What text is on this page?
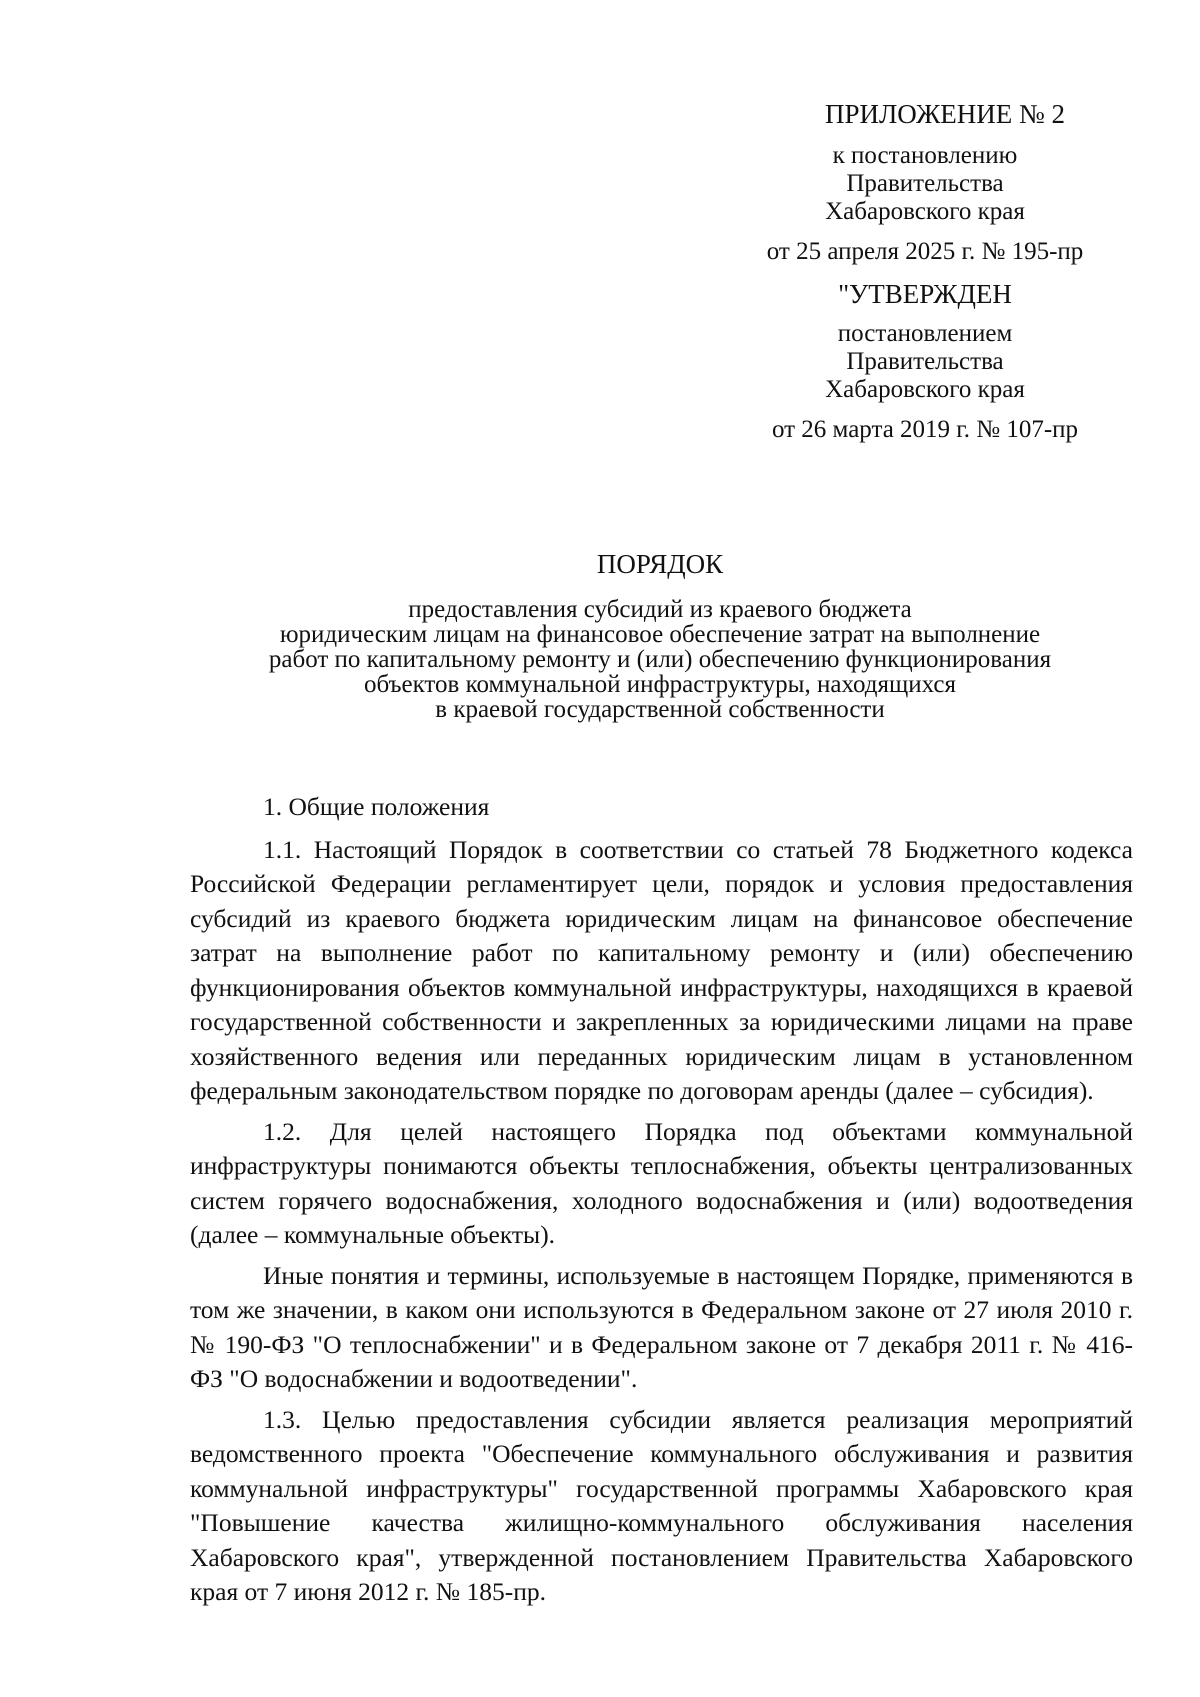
ПРИЛОЖЕНИЕ № 2
к постановлению
Правительства
Хабаровского края
от 25 апреля 2025 г. № 195-пр
"УТВЕРЖДЕН
постановлением
Правительства
Хабаровского края
от 26 марта 2019 г. № 107-пр
ПОРЯДОК
предоставления субсидий из краевого бюджета
юридическим лицам на финансовое обеспечение затрат на выполнение
работ по капитальному ремонту и (или) обеспечению функционирования
объектов коммунальной инфраструктуры, находящихся
в краевой государственной собственности
1. Общие положения

1.1. Настоящий Порядок в соответствии со статьей 78 Бюджетного кодекса Российской Федерации регламентирует цели, порядок и условия предоставления субсидий из краевого бюджета юридическим лицам на финансовое обеспечение затрат на выполнение работ по капитальному ремонту и (или) обеспечению функционирования объектов коммунальной инфраструктуры, находящихся в краевой государственной собственности и закрепленных за юридическими лицами на праве хозяйственного ведения или переданных юридическим лицам в установленном федеральным законодательством порядке по договорам аренды (далее – субсидия).

1.2. Для целей настоящего Порядка под объектами коммунальной инфраструктуры понимаются объекты теплоснабжения, объекты централизованных систем горячего водоснабжения, холодного водоснабжения и (или) водоотведения (далее – коммунальные объекты).

Иные понятия и термины, используемые в настоящем Порядке, применяются в том же значении, в каком они используются в Федеральном законе от 27 июля 2010 г. № 190-ФЗ "О теплоснабжении" и в Федеральном законе от 7 декабря 2011 г. № 416-ФЗ "О водоснабжении и водоотведении".

1.3. Целью предоставления субсидии является реализация мероприятий ведомственного проекта "Обеспечение коммунального обслуживания и развития коммунальной инфраструктуры" государственной программы Хабаровского края "Повышение качества жилищно-коммунального обслуживания населения Хабаровского края", утвержденной постановлением Правительства Хабаровского края от 7 июня 2012 г. № 185-пр.
